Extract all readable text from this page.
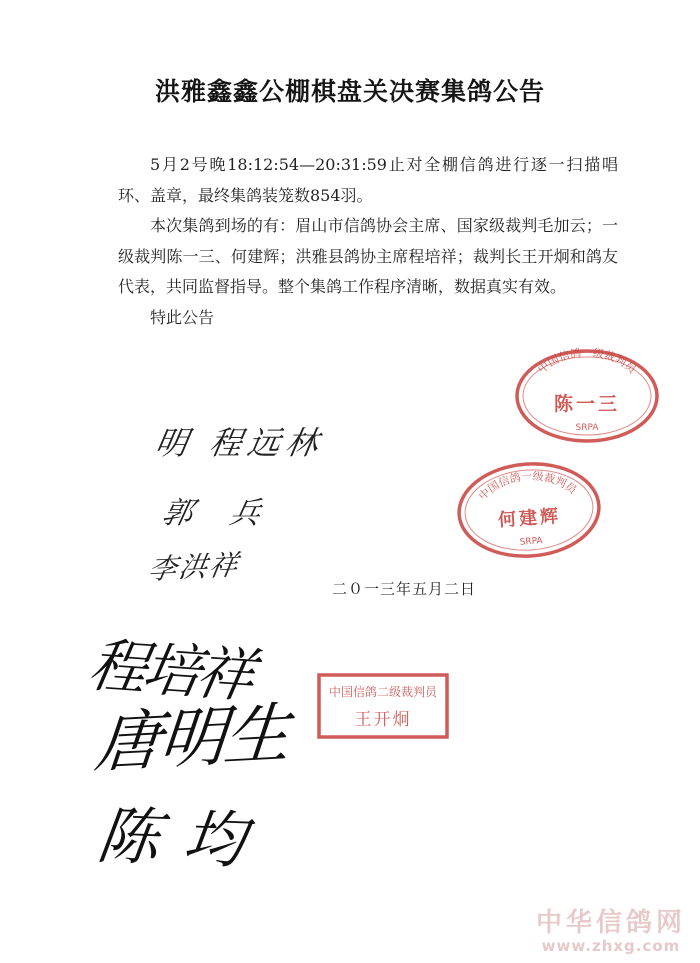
洪雅鑫鑫公棚棋盘关决赛集鸽公告

5月2号晚18:12:54—20:31:59止对全棚信鸽进行逐一扫描唱环、盖章，最终集鸽装笼数854羽。

本次集鸽到场的有：眉山市信鸽协会主席、国家级裁判毛加云；一级裁判陈一三、何建辉；洪雅县鸽协主席程培祥；裁判长王开炯和鸽友代表，共同监督指导。整个集鸽工作程序清晰，数据真实有效。

特此公告

明 程远林
郭 兵
李洪祥
程培祥
唐明生
陈 均
二０一三年五月二日
中国信鸽一级裁判员
陈一三
SRPA
中国信鸽一级裁判员
何建辉
SRPA
中国信鸽二级裁判员
王开炯
中华信鸽网
www.zhxg.com
